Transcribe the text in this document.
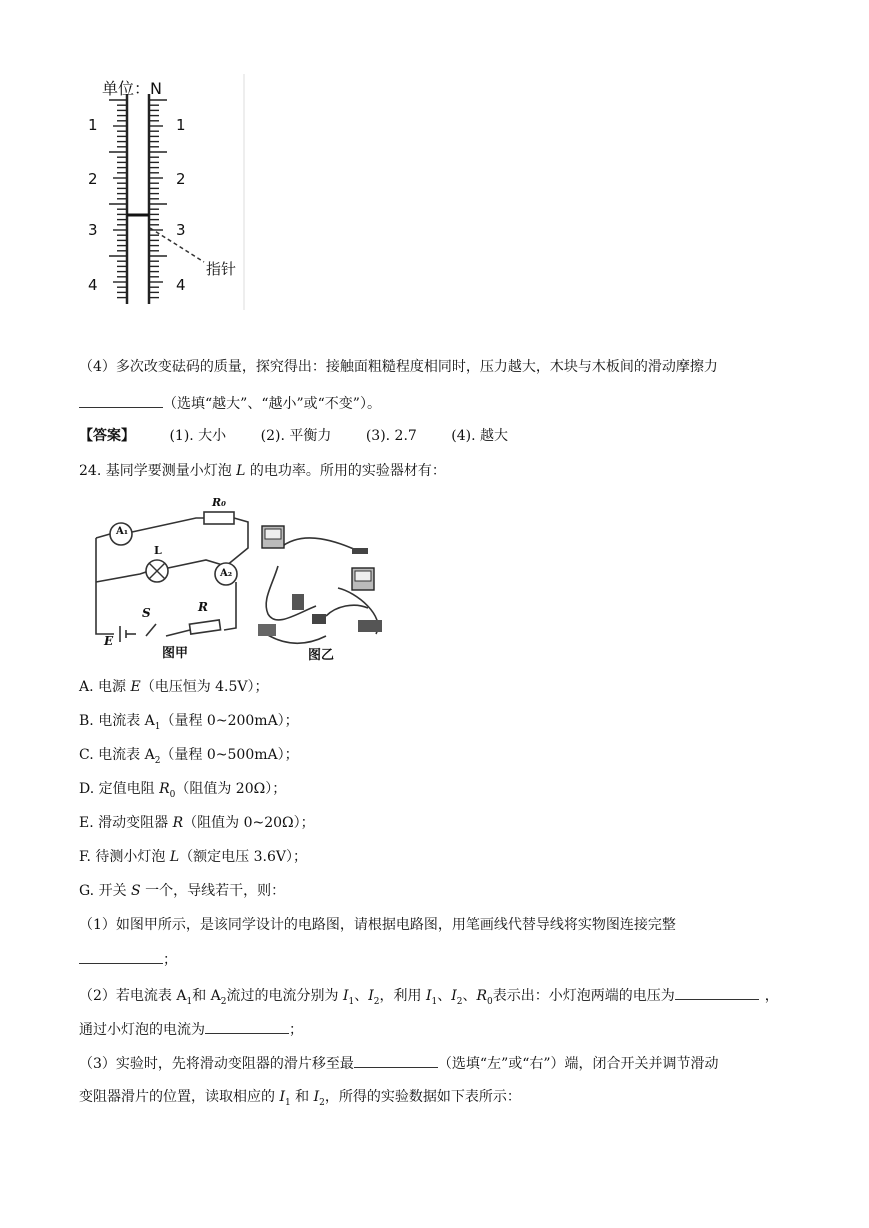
单位：N
1
2
3
4
1
2
3
4
指针
（4）多次改变砝码的质量，探究得出：接触面粗糙程度相同时，压力越大，木块与木板间的滑动摩擦力
（选填“越大”、“越小”或“不变”）。
【答案】 (1). 大小 (2). 平衡力 (3). 2.7 (4). 越大
24. 基同学要测量小灯泡 L 的电功率。所用的实验器材有：
A₁
R₀
L
A₂
E
S	R
图甲	图乙
A. 电源 E（电压恒为 4.5V）；
B. 电流表 $A_1$（量程 0~200mA）；
C. 电流表 $A_2$（量程 0~500mA）；
D. 定值电阻 $R_0$（阻值为 20Ω）；
E. 滑动变阻器 R（阻值为 0~20Ω）；
F. 待测小灯泡 L（额定电压 3.6V）；
G. 开关 S 一个，导线若干，则：
（1）如图甲所示，是该同学设计的电路图，请根据电路图，用笔画线代替导线将实物图连接完整
；
（2）若电流表 $A_1$和 $A_2$流过的电流分别为 $I_1$、$I_2$，利用 $I_1$、$I_2$、$R_0$表示出：小灯泡两端的电压为	，
通过小灯泡的电流为	；
（3）实验时，先将滑动变阻器的滑片移至最	（选填“左”或“右”）端，闭合开关并调节滑动
变阻器滑片的位置，读取相应的 $I_1$ 和 $I_2$，所得的实验数据如下表所示：
